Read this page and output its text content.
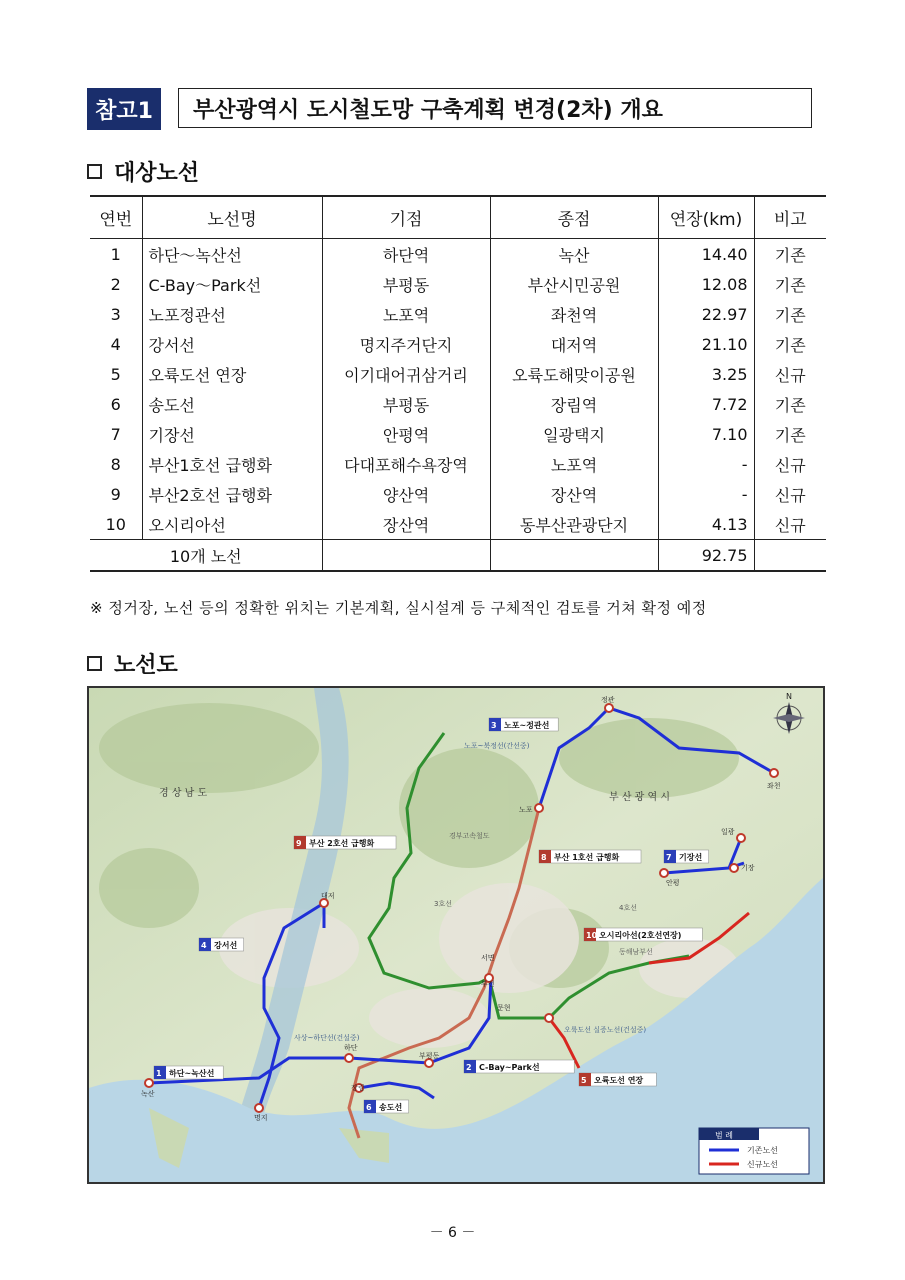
참고1	부산광역시 도시철도망 구축계획 변경(2차) 개요
대상노선
연번	노선명	기점	종점	연장(km)	비고
1	하단～녹산선	하단역	녹산	14.40	기존
2	C-Bay～Park선	부평동	부산시민공원	12.08	기존
3	노포정관선	노포역	좌천역	22.97	기존
4	강서선	명지주거단지	대저역	21.10	기존
5	오륙도선 연장	이기대어귀삼거리	오륙도해맞이공원	3.25	신규
6	송도선	부평동	장림역	7.72	기존
7	기장선	안평역	일광택지	7.10	기존
8	부산1호선 급행화	다대포해수욕장역	노포역	-	신규
9	부산2호선 급행화	양산역	장산역	-	신규
10	오시리아선	장산역	동부산관광단지	4.13	신규
10개 노선				92.75	
※ 정거장, 노선 등의 정확한 위치는 기본계획, 실시설계 등 구체적인 검토를 거쳐 확정 예정
노선도
경 상 남 도	부 산 광 역 시
노포~북정선(간선중)
사상~하단선(건설중)
오륙도선 실증노선(건설중)
경부고속철도
4호선
3호선
동해남부선
정관
좌천
노포
일광
기장
안평
대저
하단
녹산
명지
부평동
장림
서면
부전
문현
3 노포~정관선
9 부산 2호선 급행화
8 부산 1호선 급행화	7 기장선
4 강서선
10 오시리아선(2호선연장)
1 하단~녹산선
2 C-Bay~Park선
5 오륙도선 연장
6 송도선
N
범 례
기존노선
신규노선
－ 6 －
